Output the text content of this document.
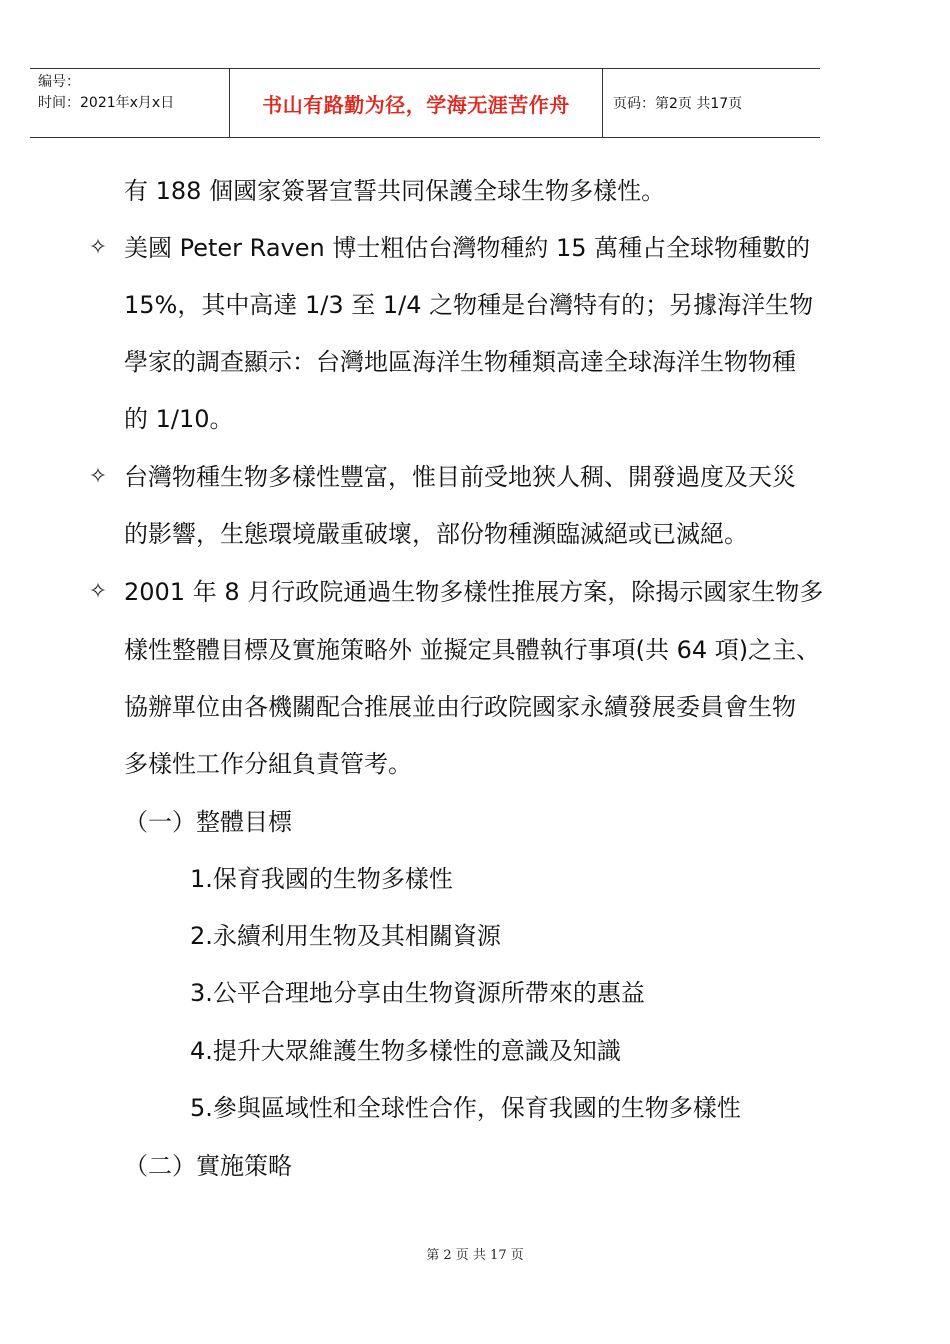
编号：
时间：2021年x月x日	书山有路勤为径，学海无涯苦作舟	页码：第2页 共17页
有 188 個國家簽署宣誓共同保護全球生物多樣性。
✧ 美國 Peter Raven 博士粗估台灣物種約 15 萬種占全球物種數的
15%，其中高達 1/3 至 1/4 之物種是台灣特有的；另據海洋生物
學家的調查顯示：台灣地區海洋生物種類高達全球海洋生物物種
的 1/10。
✧ 台灣物種生物多樣性豐富，惟目前受地狹人稠、開發過度及天災
的影響，生態環境嚴重破壞，部份物種瀕臨滅絕或已滅絕。
✧ 2001 年 8 月行政院通過生物多樣性推展方案，除揭示國家生物多
樣性整體目標及實施策略外 並擬定具體執行事項(共 64 項)之主、
協辦單位由各機關配合推展並由行政院國家永續發展委員會生物
多樣性工作分組負責管考。
（一）整體目標
1.保育我國的生物多樣性
2.永續利用生物及其相關資源
3.公平合理地分享由生物資源所帶來的惠益
4.提升大眾維護生物多樣性的意識及知識
5.參與區域性和全球性合作，保育我國的生物多樣性
（二）實施策略
第 2 页 共 17 页
